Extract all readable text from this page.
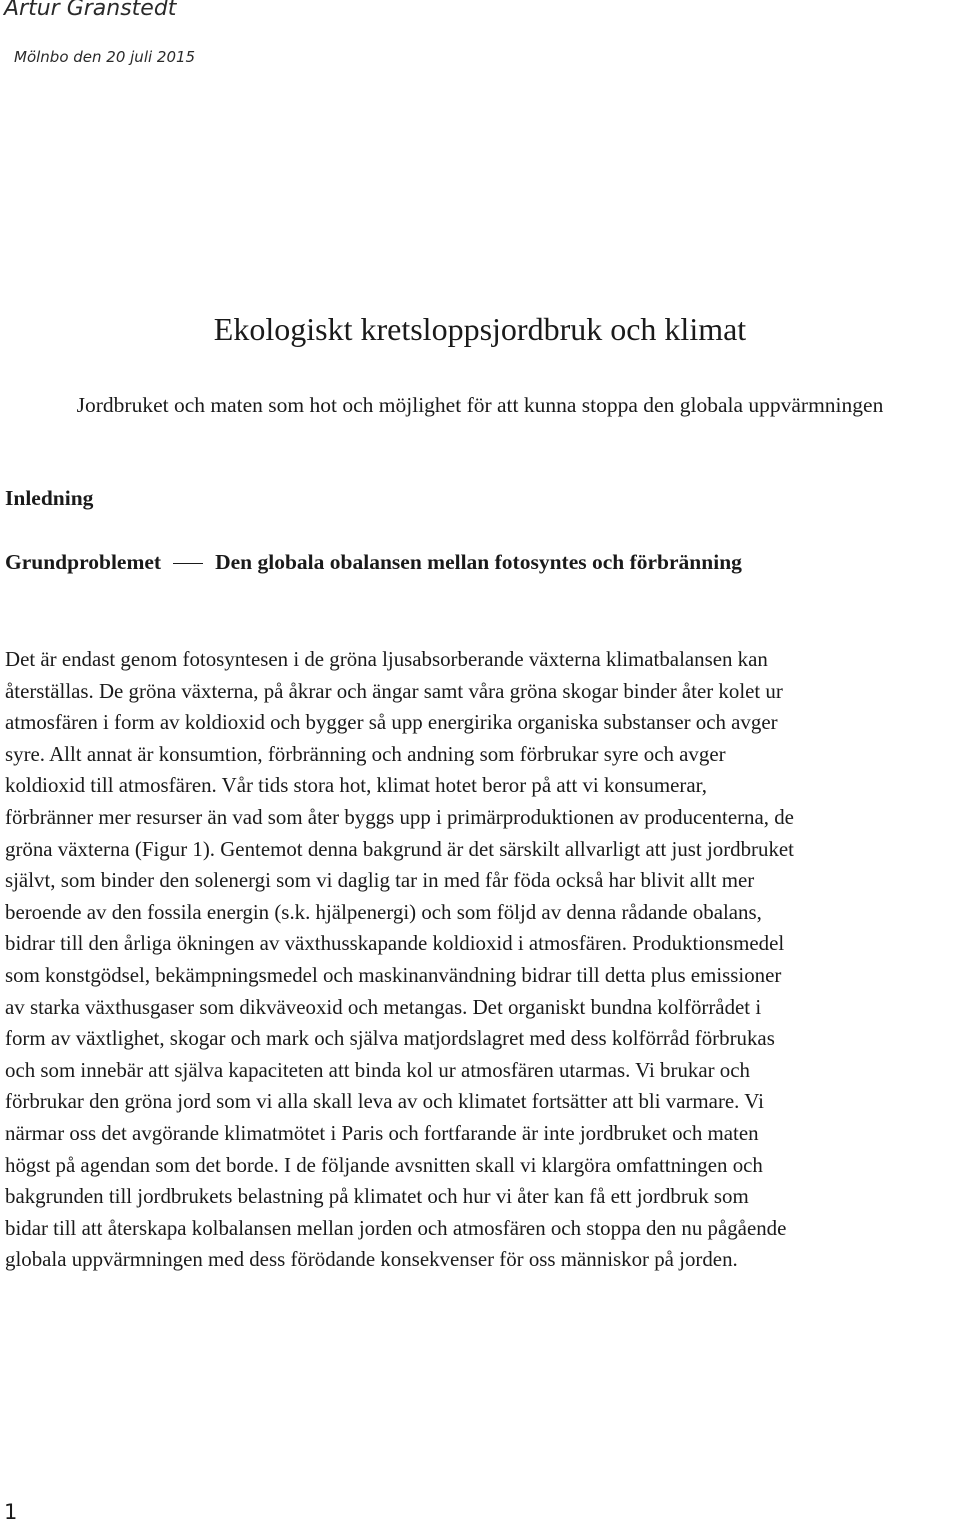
Artur Granstedt
Mölnbo den 20 juli 2015
Ekologiskt kretsloppsjordbruk och klimat
Jordbruket och maten som hot och möjlighet för att kunna stoppa den globala uppvärmningen
Inledning
Grundproblemet	Den globala obalansen mellan fotosyntes och förbränning
Det är endast genom fotosyntesen i de gröna ljusabsorberande växterna klimatbalansen kan
återställas. De gröna växterna, på åkrar och ängar samt våra gröna skogar binder åter kolet ur
atmosfären i form av koldioxid och bygger så upp energirika organiska substanser och avger
syre. Allt annat är konsumtion, förbränning och andning som förbrukar syre och avger
koldioxid till atmosfären. Vår tids stora hot, klimat hotet beror på att vi konsumerar,
förbränner mer resurser än vad som åter byggs upp i primärproduktionen av producenterna, de
gröna växterna (Figur 1). Gentemot denna bakgrund är det särskilt allvarligt att just jordbruket
självt, som binder den solenergi som vi daglig tar in med får föda också har blivit allt mer
beroende av den fossila energin (s.k. hjälpenergi) och som följd av denna rådande obalans,
bidrar till den årliga ökningen av växthusskapande koldioxid i atmosfären. Produktionsmedel
som konstgödsel, bekämpningsmedel och maskinanvändning bidrar till detta plus emissioner
av starka växthusgaser som dikväveoxid och metangas. Det organiskt bundna kolförrådet i
form av växtlighet, skogar och mark och själva matjordslagret med dess kolförråd förbrukas
och som innebär att själva kapaciteten att binda kol ur atmosfären utarmas. Vi brukar och
förbrukar den gröna jord som vi alla skall leva av och klimatet fortsätter att bli varmare. Vi
närmar oss det avgörande klimatmötet i Paris och fortfarande är inte jordbruket och maten
högst på agendan som det borde. I de följande avsnitten skall vi klargöra omfattningen och
bakgrunden till jordbrukets belastning på klimatet och hur vi åter kan få ett jordbruk som
bidar till att återskapa kolbalansen mellan jorden och atmosfären och stoppa den nu pågående
globala uppvärmningen med dess förödande konsekvenser för oss människor på jorden.
1
